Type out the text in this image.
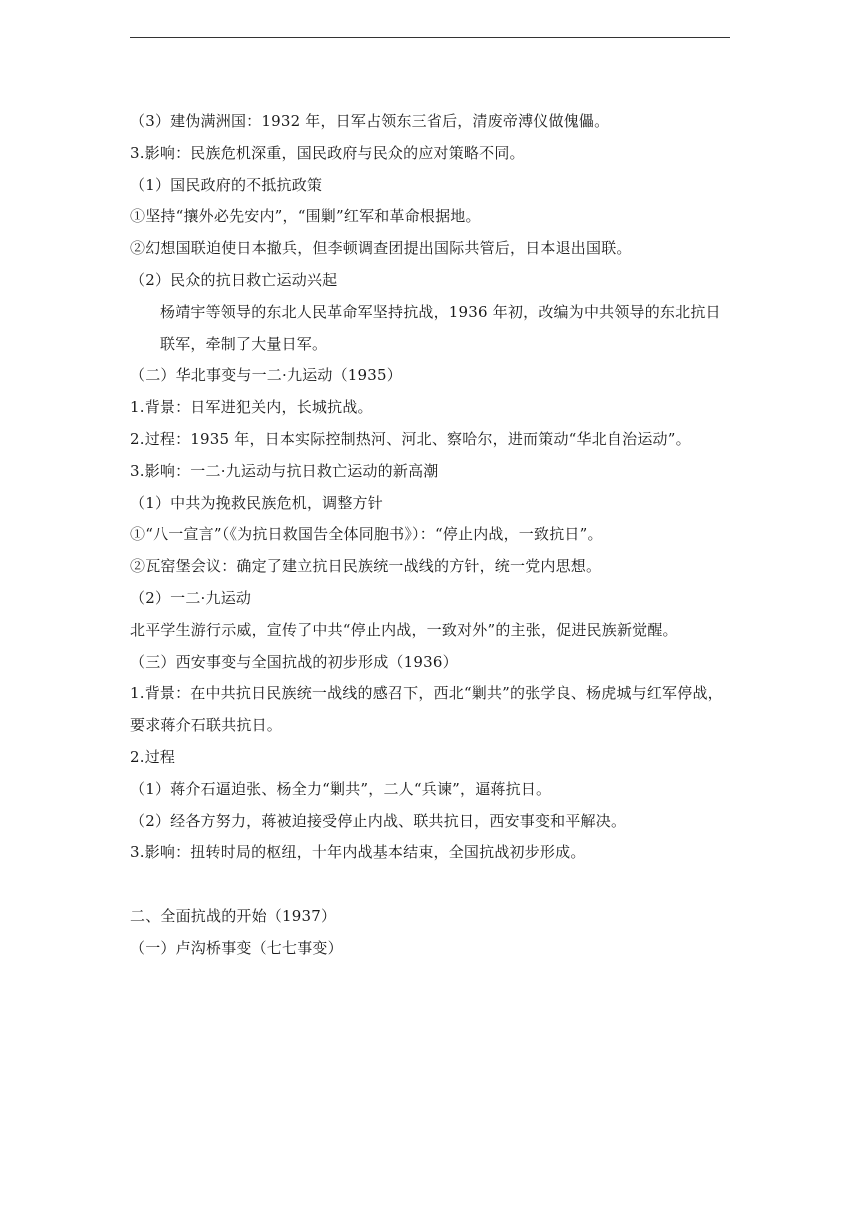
（3）建伪满洲国：1932 年，日军占领东三省后，清废帝溥仪做傀儡。
3.影响：民族危机深重，国民政府与民众的应对策略不同。
（1）国民政府的不抵抗政策
①坚持“攘外必先安内”，“围剿”红军和革命根据地。
②幻想国联迫使日本撤兵，但李顿调查团提出国际共管后，日本退出国联。
（2）民众的抗日救亡运动兴起
杨靖宇等领导的东北人民革命军坚持抗战，1936 年初，改编为中共领导的东北抗日联军，牵制了大量日军。
（二）华北事变与一二·九运动（1935）
1.背景：日军进犯关内，长城抗战。
2.过程：1935 年，日本实际控制热河、河北、察哈尔，进而策动“华北自治运动”。
3.影响：一二·九运动与抗日救亡运动的新高潮
（1）中共为挽救民族危机，调整方针
①“八一宣言”（《为抗日救国告全体同胞书》）：“停止内战，一致抗日”。
②瓦窑堡会议：确定了建立抗日民族统一战线的方针，统一党内思想。
（2）一二·九运动
北平学生游行示威，宣传了中共“停止内战，一致对外”的主张，促进民族新觉醒。
（三）西安事变与全国抗战的初步形成（1936）
1.背景：在中共抗日民族统一战线的感召下，西北“剿共”的张学良、杨虎城与红军停战，要求蒋介石联共抗日。
2.过程
（1）蒋介石逼迫张、杨全力“剿共”，二人“兵谏”，逼蒋抗日。
（2）经各方努力，蒋被迫接受停止内战、联共抗日，西安事变和平解决。
3.影响：扭转时局的枢纽，十年内战基本结束，全国抗战初步形成。
二、全面抗战的开始（1937）
（一）卢沟桥事变（七七事变）
